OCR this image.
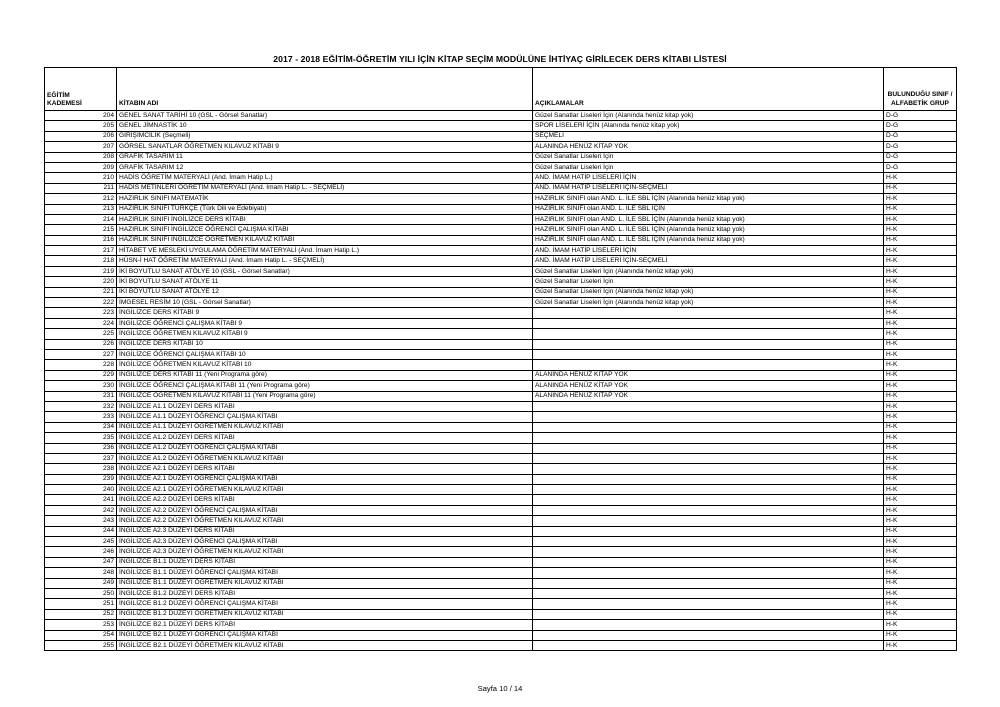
2017 - 2018 EĞİTİM-ÖĞRETİM YILI İÇİN KİTAP SEÇİM MODÜLÜNE İHTİYAÇ GİRİLECEK DERS KİTABI LİSTESİ
EĞİTİM
KADEMESİ	KİTABIN ADI	AÇIKLAMALAR	BULUNDUĞU SINIF / ALFABETİK GRUP
204	GENEL SANAT TARİHİ 10 (GSL - Görsel Sanatlar)	Güzel Sanatlar Liseleri İçin (Alanında henüz kitap yok)	D-G
205	GENEL JİMNASTİK 10	SPOR LİSELERİ İÇİN (Alanında henüz kitap yok)	D-G
206	GİRİŞİMCİLİK (Seçmeli)	SEÇMELİ	D-G
207	GÖRSEL SANATLAR ÖĞRETMEN KILAVUZ KİTABI 9	ALANINDA HENÜZ KİTAP YOK	D-G
208	GRAFİK TASARIM 11	Güzel Sanatlar Liseleri İçin	D-G
209	GRAFİK TASARIM 12	Güzel Sanatlar Liseleri İçin	D-G
210	HADİS ÖĞRETİM MATERYALİ (And. İmam Hatip L.)	AND. İMAM HATİP LİSELERİ İÇİN	H-K
211	HADİS METİNLERİ ÖĞRETİM MATERYALİ (And. İmam Hatip L. - SEÇMELİ)	AND. İMAM HATİP LİSELERİ İÇİN-SEÇMELİ	H-K
212	HAZIRLIK SINIFI MATEMATİK	HAZIRLIK SINIFI olan AND. L. İLE SBL İÇİN (Alanında henüz kitap yok)	H-K
213	HAZIRLIK SINIFI TÜRKÇE (Türk Dili ve Edebiyatı)	HAZIRLIK SINIFI olan AND. L. İLE SBL İÇİN	H-K
214	HAZIRLIK SINIFI İNGİLİZCE DERS KİTABI	HAZIRLIK SINIFI olan AND. L. İLE SBL İÇİN (Alanında henüz kitap yok)	H-K
215	HAZIRLIK SINIFI İNGİLİZCE ÖĞRENCİ ÇALIŞMA KİTABI	HAZIRLIK SINIFI olan AND. L. İLE SBL İÇİN (Alanında henüz kitap yok)	H-K
216	HAZIRLIK SINIFI İNGİLİZCE ÖĞRETMEN KILAVUZ KİTABI	HAZIRLIK SINIFI olan AND. L. İLE SBL İÇİN (Alanında henüz kitap yok)	H-K
217	HİTABET VE MESLEKİ UYGULAMA ÖĞRETİM MATERYALİ (And. İmam Hatip L.)	AND. İMAM HATİP LİSELERİ İÇİN	H-K
218	HÜSN-İ HAT ÖĞRETİM MATERYALİ (And. İmam Hatip L. - SEÇMELİ)	AND. İMAM HATİP LİSELERİ İÇİN-SEÇMELİ	H-K
219	İKİ BOYUTLU SANAT ATÖLYE 10 (GSL - Görsel Sanatlar)	Güzel Sanatlar Liseleri İçin (Alanında henüz kitap yok)	H-K
220	İKİ BOYUTLU SANAT ATÖLYE 11	Güzel Sanatlar Liseleri İçin	H-K
221	İKİ BOYUTLU SANAT ATÖLYE 12	Güzel Sanatlar Liseleri İçin (Alanında henüz kitap yok)	H-K
222	İMGESEL RESİM 10 (GSL - Görsel Sanatlar)	Güzel Sanatlar Liseleri İçin (Alanında henüz kitap yok)	H-K
223	İNGİLİZCE DERS KİTABI 9		H-K
224	İNGİLİZCE ÖĞRENCİ ÇALIŞMA KİTABI 9		H-K
225	İNGİLİZCE ÖĞRETMEN KILAVUZ KİTABI 9		H-K
226	İNGİLİZCE DERS KİTABI 10		H-K
227	İNGİLİZCE ÖĞRENCİ ÇALIŞMA KİTABI 10		H-K
228	İNGİLİZCE ÖĞRETMEN KILAVUZ KİTABI 10		H-K
229	İNGİLİZCE DERS KİTABI 11 (Yeni Programa göre)	ALANINDA HENÜZ KİTAP YOK	H-K
230	İNGİLİZCE ÖĞRENCİ ÇALIŞMA KİTABI 11 (Yeni Programa göre)	ALANINDA HENÜZ KİTAP YOK	H-K
231	İNGİLİZCE ÖĞRETMEN KILAVUZ KİTABI 11 (Yeni Programa göre)	ALANINDA HENÜZ KİTAP YOK	H-K
232	İNGİLİZCE A1.1 DÜZEYİ DERS KİTABI		H-K
233	İNGİLİZCE A1.1 DÜZEYİ ÖĞRENCİ ÇALIŞMA KİTABI		H-K
234	İNGİLİZCE A1.1 DÜZEYİ ÖĞRETMEN KILAVUZ KİTABI		H-K
235	İNGİLİZCE A1.2 DÜZEYİ DERS KİTABI		H-K
236	İNGİLİZCE A1.2 DÜZEYİ ÖĞRENCİ ÇALIŞMA KİTABI		H-K
237	İNGİLİZCE A1.2 DÜZEYİ ÖĞRETMEN KILAVUZ KİTABI		H-K
238	İNGİLİZCE A2.1 DÜZEYİ DERS KİTABI		H-K
239	İNGİLİZCE A2.1 DÜZEYİ ÖĞRENCİ ÇALIŞMA KİTABI		H-K
240	İNGİLİZCE A2.1 DÜZEYİ ÖĞRETMEN KILAVUZ KİTABI		H-K
241	İNGİLİZCE A2.2 DÜZEYİ DERS KİTABI		H-K
242	İNGİLİZCE A2.2 DÜZEYİ ÖĞRENCİ ÇALIŞMA KİTABI		H-K
243	İNGİLİZCE A2.2 DÜZEYİ ÖĞRETMEN KILAVUZ KİTABI		H-K
244	İNGİLİZCE A2.3 DÜZEYİ DERS KİTABI		H-K
245	İNGİLİZCE A2.3 DÜZEYİ ÖĞRENCİ ÇALIŞMA KİTABI		H-K
246	İNGİLİZCE A2.3 DÜZEYİ ÖĞRETMEN KILAVUZ KİTABI		H-K
247	İNGİLİZCE B1.1 DÜZEYİ DERS KİTABI		H-K
248	İNGİLİZCE B1.1 DÜZEYİ ÖĞRENCİ ÇALIŞMA KİTABI		H-K
249	İNGİLİZCE B1.1 DÜZEYİ ÖĞRETMEN KILAVUZ KİTABI		H-K
250	İNGİLİZCE B1.2 DÜZEYİ DERS KİTABI		H-K
251	İNGİLİZCE B1.2 DÜZEYİ ÖĞRENCİ ÇALIŞMA KİTABI		H-K
252	İNGİLİZCE B1.2 DÜZEYİ ÖĞRETMEN KILAVUZ KİTABI		H-K
253	İNGİLİZCE B2.1 DÜZEYİ DERS KİTABI		H-K
254	İNGİLİZCE B2.1 DÜZEYİ ÖĞRENCİ ÇALIŞMA KİTABI		H-K
255	İNGİLİZCE B2.1 DÜZEYİ ÖĞRETMEN KILAVUZ KİTABI		H-K
Sayfa 10 / 14
